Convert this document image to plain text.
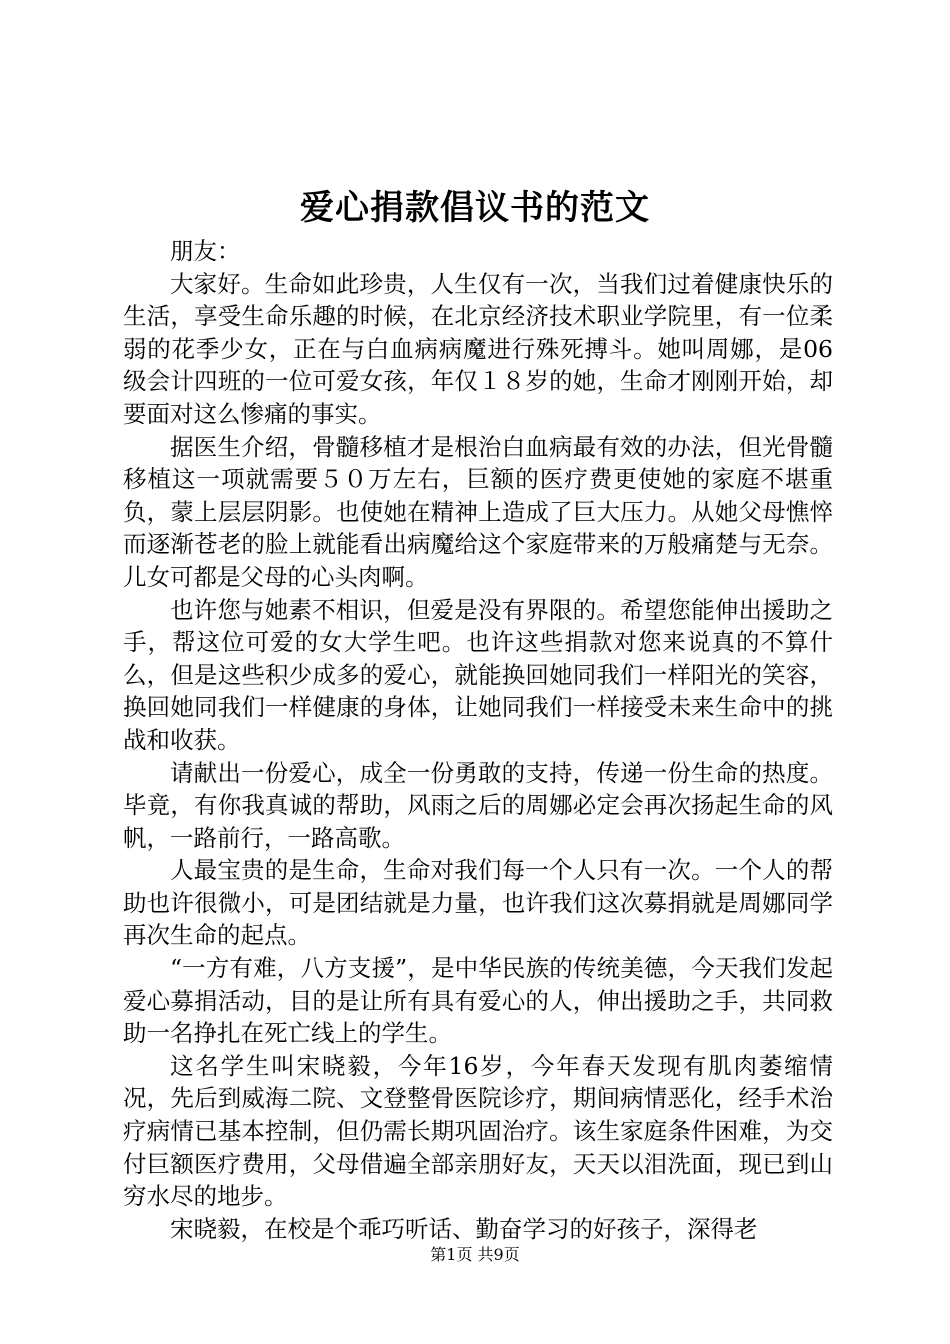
爱心捐款倡议书的范文

朋友：

大家好。生命如此珍贵，人生仅有一次，当我们过着健康快乐的生活，享受生命乐趣的时候，在北京经济技术职业学院里，有一位柔弱的花季少女，正在与白血病病魔进行殊死搏斗。她叫周娜，是06级会计四班的一位可爱女孩，年仅１８岁的她，生命才刚刚开始，却要面对这么惨痛的事实。

据医生介绍，骨髓移植才是根治白血病最有效的办法，但光骨髓移植这一项就需要５０万左右，巨额的医疗费更使她的家庭不堪重负，蒙上层层阴影。也使她在精神上造成了巨大压力。从她父母憔悴而逐渐苍老的脸上就能看出病魔给这个家庭带来的万般痛楚与无奈。儿女可都是父母的心头肉啊。

也许您与她素不相识，但爱是没有界限的。希望您能伸出援助之手，帮这位可爱的女大学生吧。也许这些捐款对您来说真的不算什么，但是这些积少成多的爱心，就能换回她同我们一样阳光的笑容，换回她同我们一样健康的身体，让她同我们一样接受未来生命中的挑战和收获。

请献出一份爱心，成全一份勇敢的支持，传递一份生命的热度。毕竟，有你我真诚的帮助，风雨之后的周娜必定会再次扬起生命的风帆，一路前行，一路高歌。

人最宝贵的是生命，生命对我们每一个人只有一次。一个人的帮助也许很微小，可是团结就是力量，也许我们这次募捐就是周娜同学再次生命的起点。

“一方有难，八方支援”，是中华民族的传统美德，今天我们发起爱心募捐活动，目的是让所有具有爱心的人，伸出援助之手，共同救助一名挣扎在死亡线上的学生。

这名学生叫宋晓毅，今年16岁，今年春天发现有肌肉萎缩情况，先后到威海二院、文登整骨医院诊疗，期间病情恶化，经手术治疗病情已基本控制，但仍需长期巩固治疗。该生家庭条件困难，为交付巨额医疗费用，父母借遍全部亲朋好友，天天以泪洗面，现已到山穷水尽的地步。

宋晓毅，在校是个乖巧听话、勤奋学习的好孩子，深得老

第1页 共9页
